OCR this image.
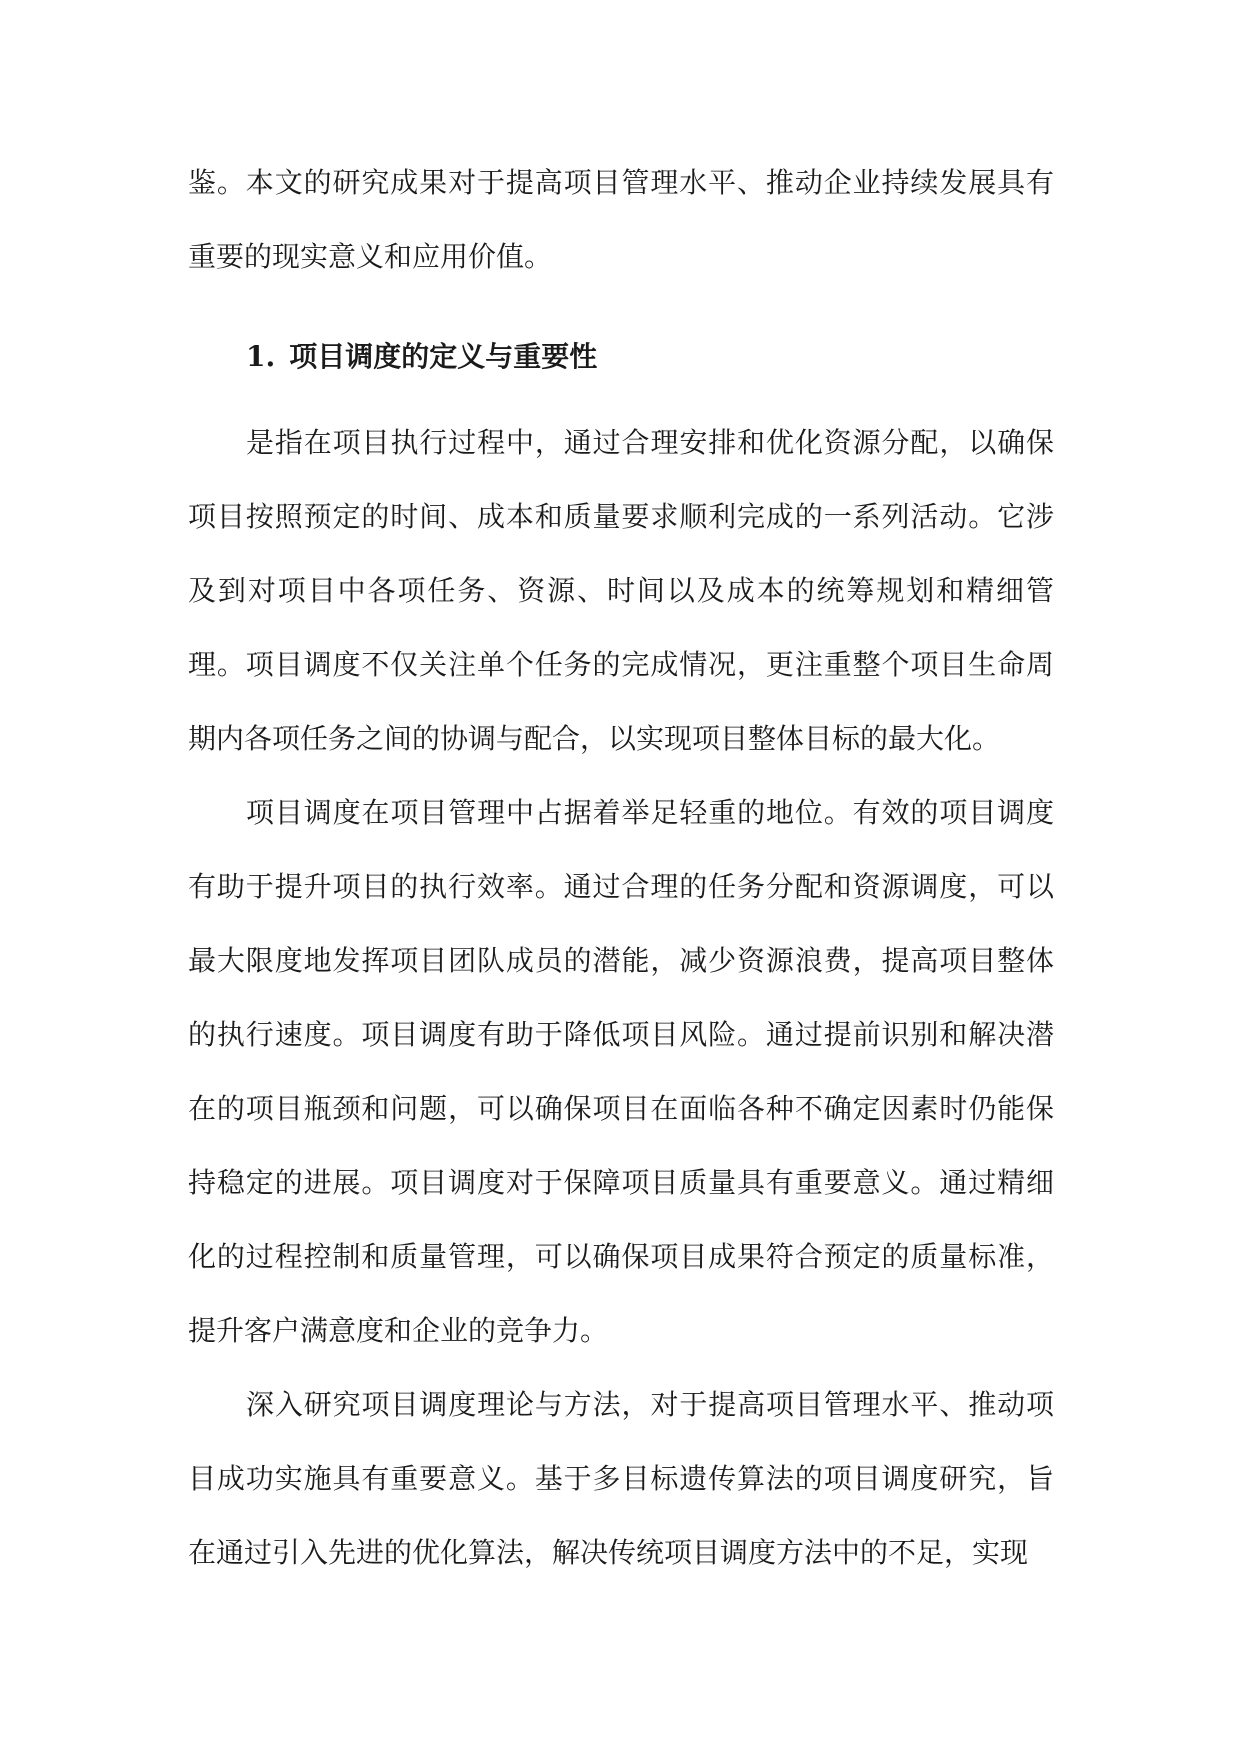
鉴。本文的研究成果对于提高项目管理水平、推动企业持续发展具有重要的现实意义和应用价值。

1. 项目调度的定义与重要性

是指在项目执行过程中，通过合理安排和优化资源分配，以确保项目按照预定的时间、成本和质量要求顺利完成的一系列活动。它涉及到对项目中各项任务、资源、时间以及成本的统筹规划和精细管理。项目调度不仅关注单个任务的完成情况，更注重整个项目生命周期内各项任务之间的协调与配合，以实现项目整体目标的最大化。

项目调度在项目管理中占据着举足轻重的地位。有效的项目调度有助于提升项目的执行效率。通过合理的任务分配和资源调度，可以最大限度地发挥项目团队成员的潜能，减少资源浪费，提高项目整体的执行速度。项目调度有助于降低项目风险。通过提前识别和解决潜在的项目瓶颈和问题，可以确保项目在面临各种不确定因素时仍能保持稳定的进展。项目调度对于保障项目质量具有重要意义。通过精细化的过程控制和质量管理，可以确保项目成果符合预定的质量标准，提升客户满意度和企业的竞争力。

深入研究项目调度理论与方法，对于提高项目管理水平、推动项目成功实施具有重要意义。基于多目标遗传算法的项目调度研究，旨在通过引入先进的优化算法，解决传统项目调度方法中的不足，实现
